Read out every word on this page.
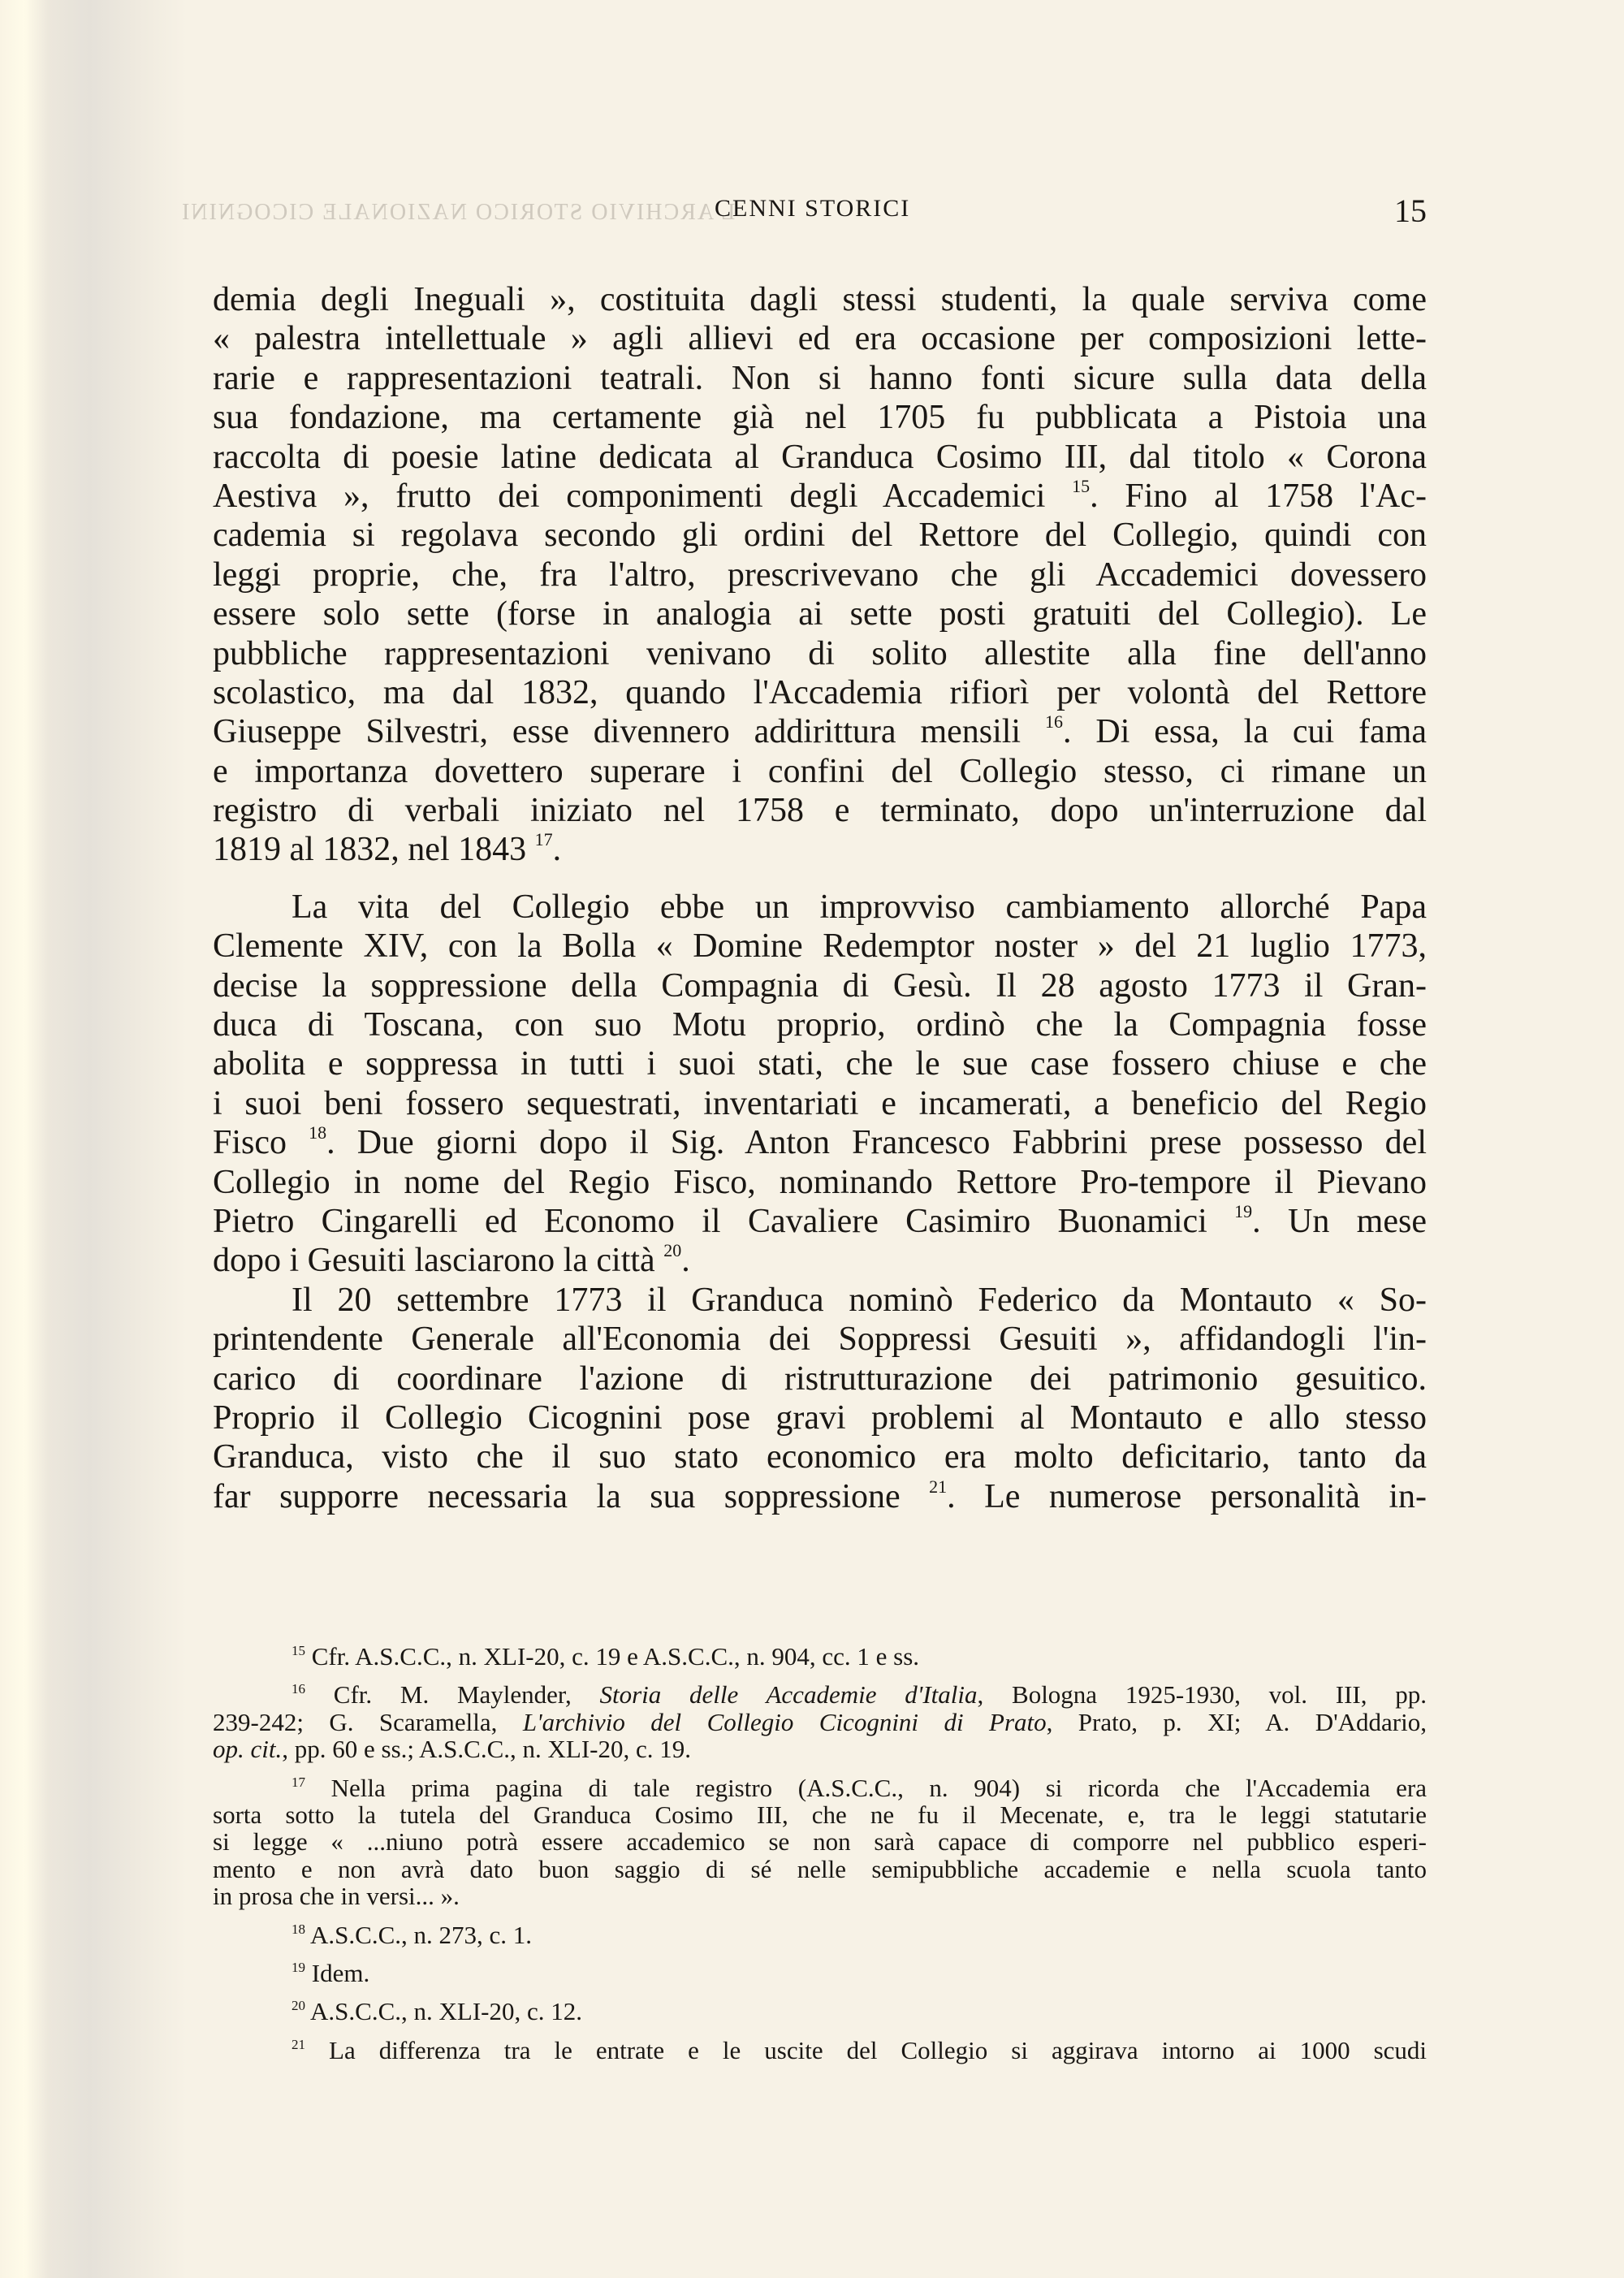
L'ARCHIVIO STORICO NAZIONALE CICOGNINI
CENNI STORICI	15
demia degli Ineguali », costituita dagli stessi studenti, la quale serviva come
« palestra intellettuale » agli allievi ed era occasione per composizioni lette-
rarie e rappresentazioni teatrali. Non si hanno fonti sicure sulla data della
sua fondazione, ma certamente già nel 1705 fu pubblicata a Pistoia una
raccolta di poesie latine dedicata al Granduca Cosimo III, dal titolo « Corona
Aestiva », frutto dei componimenti degli Accademici $^{15}$. Fino al 1758 l'Ac-
cademia si regolava secondo gli ordini del Rettore del Collegio, quindi con
leggi proprie, che, fra l'altro, prescrivevano che gli Accademici dovessero
essere solo sette (forse in analogia ai sette posti gratuiti del Collegio). Le
pubbliche rappresentazioni venivano di solito allestite alla fine dell'anno
scolastico, ma dal 1832, quando l'Accademia rifiorì per volontà del Rettore
Giuseppe Silvestri, esse divennero addirittura mensili $^{16}$. Di essa, la cui fama
e importanza dovettero superare i confini del Collegio stesso, ci rimane un
registro di verbali iniziato nel 1758 e terminato, dopo un'interruzione dal
1819 al 1832, nel 1843 $^{17}$.
La vita del Collegio ebbe un improvviso cambiamento allorché Papa
Clemente XIV, con la Bolla « Domine Redemptor noster » del 21 luglio 1773,
decise la soppressione della Compagnia di Gesù. Il 28 agosto 1773 il Gran-
duca di Toscana, con suo Motu proprio, ordinò che la Compagnia fosse
abolita e soppressa in tutti i suoi stati, che le sue case fossero chiuse e che
i suoi beni fossero sequestrati, inventariati e incamerati, a beneficio del Regio
Fisco $^{18}$. Due giorni dopo il Sig. Anton Francesco Fabbrini prese possesso del
Collegio in nome del Regio Fisco, nominando Rettore Pro-tempore il Pievano
Pietro Cingarelli ed Economo il Cavaliere Casimiro Buonamici $^{19}$. Un mese
dopo i Gesuiti lasciarono la città $^{20}$.
Il 20 settembre 1773 il Granduca nominò Federico da Montauto « So-
printendente Generale all'Economia dei Soppressi Gesuiti », affidandogli l'in-
carico di coordinare l'azione di ristrutturazione dei patrimonio gesuitico.
Proprio il Collegio Cicognini pose gravi problemi al Montauto e allo stesso
Granduca, visto che il suo stato economico era molto deficitario, tanto da
far supporre necessaria la sua soppressione $^{21}$. Le numerose personalità in-
$^{15}$ Cfr. A.S.C.C., n. XLI-20, c. 19 e A.S.C.C., n. 904, cc. 1 e ss.
$^{16}$ Cfr. M. Maylender, Storia delle Accademie d'Italia, Bologna 1925-1930, vol. III, pp.
239-242; G. Scaramella, L'archivio del Collegio Cicognini di Prato, Prato, p. XI; A. D'Addario,
op. cit., pp. 60 e ss.; A.S.C.C., n. XLI-20, c. 19.
$^{17}$ Nella prima pagina di tale registro (A.S.C.C., n. 904) si ricorda che l'Accademia era
sorta sotto la tutela del Granduca Cosimo III, che ne fu il Mecenate, e, tra le leggi statutarie
si legge « ...niuno potrà essere accademico se non sarà capace di comporre nel pubblico esperi-
mento e non avrà dato buon saggio di sé nelle semipubbliche accademie e nella scuola tanto
in prosa che in versi... ».
$^{18}$ A.S.C.C., n. 273, c. 1.
$^{19}$ Idem.
$^{20}$ A.S.C.C., n. XLI-20, c. 12.
$^{21}$ La differenza tra le entrate e le uscite del Collegio si aggirava intorno ai 1000 scudi
